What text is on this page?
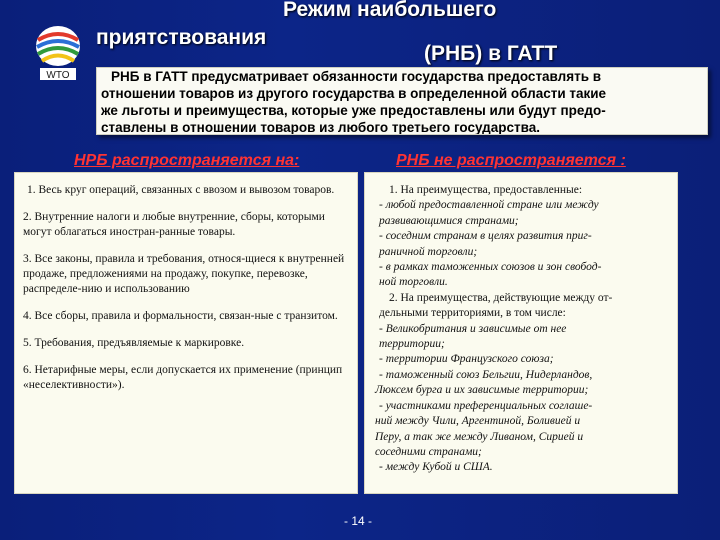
WTO
Режим наибольшего
приятствования
(РНБ) в ГАТТ
РНБ в ГАТТ предусматривает обязанности государства предоставлять в
отношении товаров из другого государства в определенной области такие
же льготы и преимущества, которые уже предоставлены или будут предо-
ставлены в отношении товаров из любого третьего государства.
НРБ распространяется на:	РНБ не распространяется :
1. Весь круг операций, связанных с ввозом и вывозом товаров.
2. Внутренние налоги и любые внутренние, сборы, которыми могут облагаться иностран-ранные товары.
3. Все законы, правила и требования, относя-щиеся к внутренней продаже, предложениями на продажу, покупке, перевозке, распределе-нию и использованию
4. Все сборы, правила и формальности, связан-ные с транзитом.
5. Требования, предъявляемые к маркировке.
6. Нетарифные меры, если допускается их применение (принцип «неселективности»).
1. На преимущества, предоставленные:
- любой предоставленной стране или между
развивающимися странами;
- соседним странам в целях развития приг-
раничной торговли;
- в рамках таможенных союзов и зон свобод-
ной торговли.
2. На преимущества, действующие между от-
дельными территориями, в том числе:
- Великобритания и зависимые от нее
территории;
- территории Французского союза;
- таможенный союз Бельгии, Нидерландов,
Люксем бурга и их зависимые территории;
- участниками преференциальных соглаше-
ний между Чили, Аргентиной, Боливией и
Перу, а так же между Ливаном, Сирией и
соседними странами;
- между Кубой и США.
- 14 -
